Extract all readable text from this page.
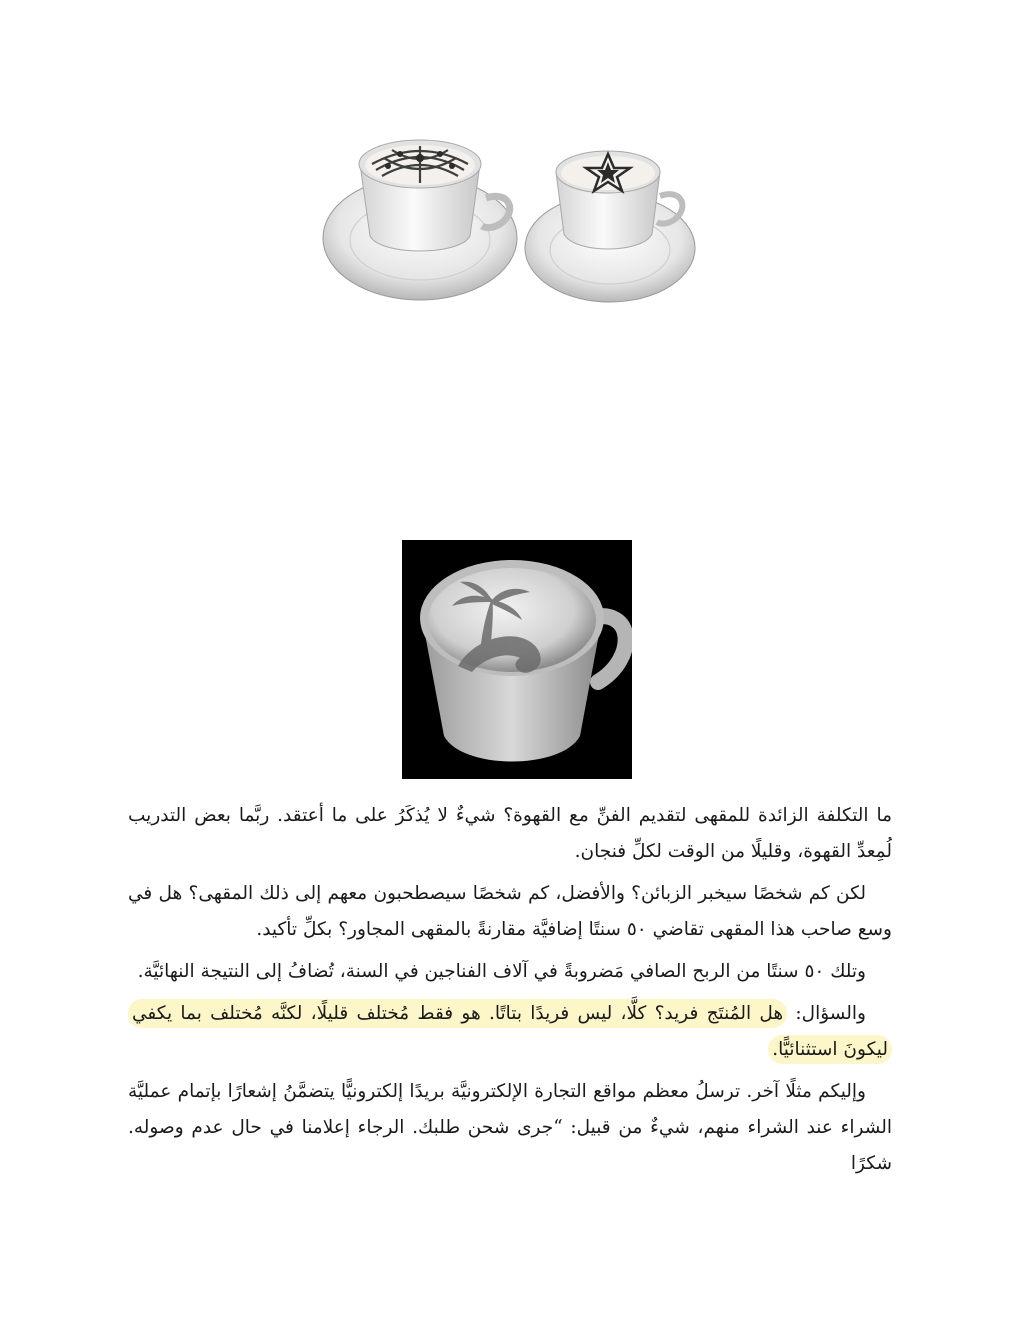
ما التكلفة الزائدة للمقهى لتقديم الفنِّ مع القهوة؟ شيءٌ لا يُذكَرُ على ما أعتقد. ربَّما بعض التدريب لُمِعدِّ القهوة، وقليلًا من الوقت لكلِّ فنجان.

لكن كم شخصًا سيخبر الزبائن؟ والأفضل، كم شخصًا سيصطحبون معهم إلى ذلك المقهى؟ هل في وسع صاحب هذا المقهى تقاضي ٥٠ سنتًا إضافيَّة مقارنةً بالمقهى المجاور؟ بكلِّ تأكيد.

وتلك ٥٠ سنتًا من الربح الصافي مَضروبةً في آلاف الفناجين في السنة، تُضافُ إلى النتيجة النهائيَّة.

والسؤال: هل المُنتَج فريد؟ كلَّا، ليس فريدًا بتاتًا. هو فقط مُختلف قليلًا، لكنَّه مُختلف بما يكفي ليكونَ استثنائيًّا.

وإليكم مثلًا آخر. ترسلُ معظم مواقع التجارة الإلكترونيَّة بريدًا إلكترونيًّا يتضمَّنُ إشعارًا بإتمام عمليَّة الشراء عند الشراء منهم، شيءٌ من قبيل: “جرى شحن طلبك. الرجاء إعلامنا في حال عدم وصوله. شكرًا
